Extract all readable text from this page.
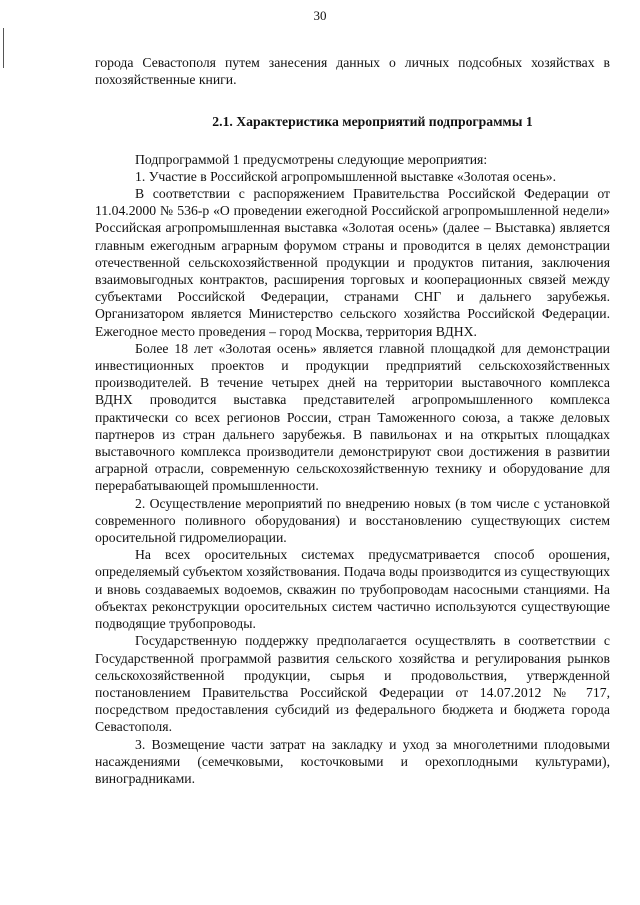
30

города Севастополя путем занесения данных о личных подсобных хозяйствах в похозяйственные книги.

2.1. Характеристика мероприятий подпрограммы 1

Подпрограммой 1 предусмотрены следующие мероприятия:

1. Участие в Российской агропромышленной выставке «Золотая осень».

В соответствии с распоряжением Правительства Российской Федерации от 11.04.2000 № 536-р «О проведении ежегодной Российской агропромышленной недели» Российская агропромышленная выставка «Золотая осень» (далее – Выставка) является главным ежегодным аграрным форумом страны и проводится в целях демонстрации отечественной сельскохозяйственной продукции и продуктов питания, заключения взаимовыгодных контрактов, расширения торговых и кооперационных связей между субъектами Российской Федерации, странами СНГ и дальнего зарубежья. Организатором является Министерство сельского хозяйства Российской Федерации. Ежегодное место проведения – город Москва, территория ВДНХ.

Более 18 лет «Золотая осень» является главной площадкой для демонстрации инвестиционных проектов и продукции предприятий сельскохозяйственных производителей. В течение четырех дней на территории выставочного комплекса ВДНХ проводится выставка представителей агропромышленного комплекса практически со всех регионов России, стран Таможенного союза, а также деловых партнеров из стран дальнего зарубежья. В павильонах и на открытых площадках выставочного комплекса производители демонстрируют свои достижения в развитии аграрной отрасли, современную сельскохозяйственную технику и оборудование для перерабатывающей промышленности.

2. Осуществление мероприятий по внедрению новых (в том числе с установкой современного поливного оборудования) и восстановлению существующих систем оросительной гидромелиорации.

На всех оросительных системах предусматривается способ орошения, определяемый субъектом хозяйствования. Подача воды производится из существующих и вновь создаваемых водоемов, скважин по трубопроводам насосными станциями. На объектах реконструкции оросительных систем частично используются существующие подводящие трубопроводы.

Государственную поддержку предполагается осуществлять в соответствии с Государственной программой развития сельского хозяйства и регулирования рынков сельскохозяйственной продукции, сырья и продовольствия, утвержденной постановлением Правительства Российской Федерации от 14.07.2012 № 717, посредством предоставления субсидий из федерального бюджета и бюджета города Севастополя.

3. Возмещение части затрат на закладку и уход за многолетними плодовыми насаждениями (семечковыми, косточковыми и орехоплодными культурами), виноградниками.
